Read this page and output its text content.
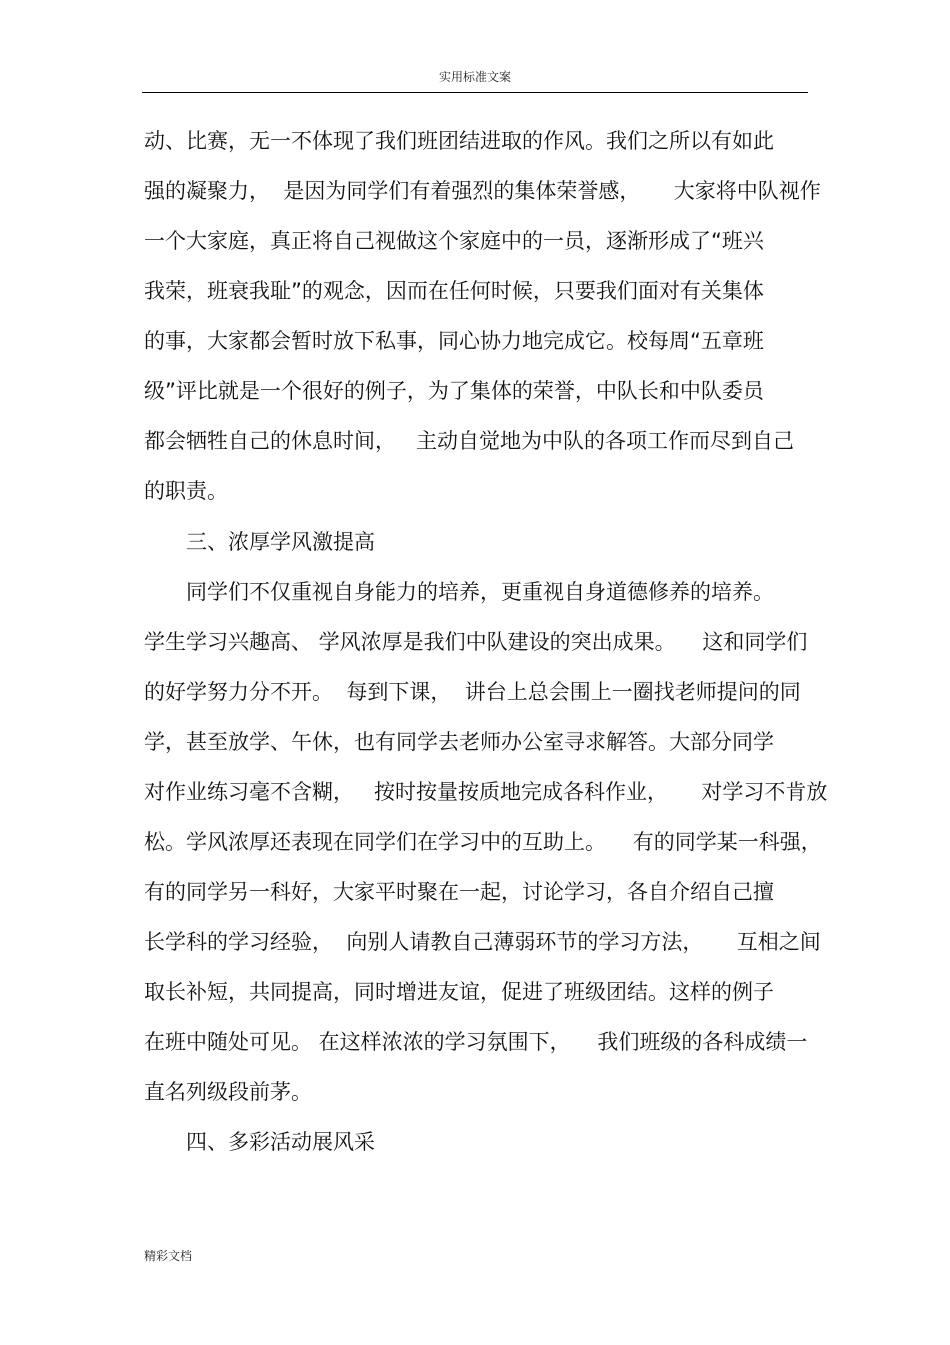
实用标准文案
动、比赛，无一不体现了我们班团结进取的作风。我们之所以有如此
强的凝聚力，  是因为同学们有着强烈的集体荣誉感，     大家将中队视作
一个大家庭，真正将自己视做这个家庭中的一员，逐渐形成了“班兴
我荣，班衰我耻”的观念，因而在任何时候，只要我们面对有关集体
的事，大家都会暂时放下私事，同心协力地完成它。校每周“五章班
级”评比就是一个很好的例子，为了集体的荣誉，中队长和中队委员
都会牺牲自己的休息时间，   主动自觉地为中队的各项工作而尽到自己
的职责。
三、浓厚学风激提高
同学们不仅重视自身能力的培养，更重视自身道德修养的培养。
学生学习兴趣高、 学风浓厚是我们中队建设的突出成果。    这和同学们
的好学努力分不开。  每到下课，  讲台上总会围上一圈找老师提问的同
学，甚至放学、午休，也有同学去老师办公室寻求解答。大部分同学
对作业练习毫不含糊，   按时按量按质地完成各科作业，     对学习不肯放
松。学风浓厚还表现在同学们在学习中的互助上。    有的同学某一科强，
有的同学另一科好，大家平时聚在一起，讨论学习，各自介绍自己擅
长学科的学习经验，  向别人请教自己薄弱环节的学习方法，     互相之间
取长补短，共同提高，同时增进友谊，促进了班级团结。这样的例子
在班中随处可见。 在这样浓浓的学习氛围下，    我们班级的各科成绩一
直名列级段前茅。
四、多彩活动展风采
精彩文档
